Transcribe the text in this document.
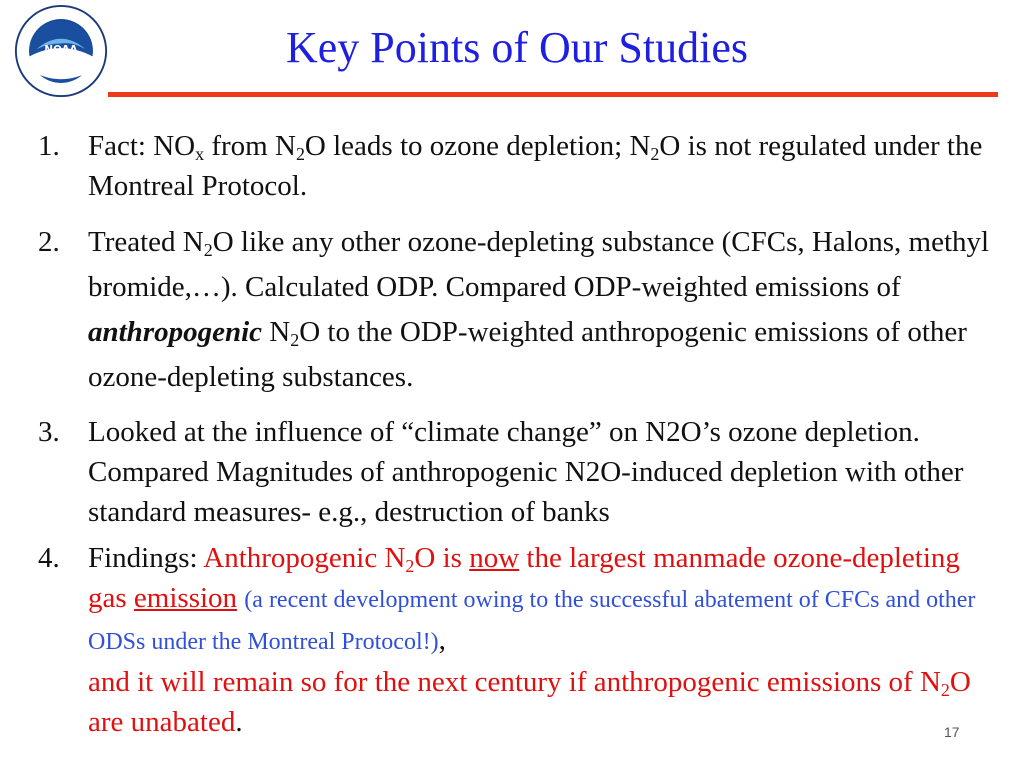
NOAA	Key Points of Our Studies
1. Fact: $NO_x$ from $N_2O$ leads to ozone depletion; $N_2O$ is not regulated under the Montreal Protocol.
2. Treated $N_2O$ like any other ozone-depleting substance (CFCs, Halons, methyl bromide,…). Calculated ODP. Compared ODP-weighted emissions of anthropogenic $N_2O$ to the ODP-weighted anthropogenic emissions of other ozone-depleting substances.
3. Looked at the influence of “climate change” on N2O’s ozone depletion. Compared Magnitudes of anthropogenic N2O-induced depletion with other standard measures- e.g., destruction of banks
4. Findings: Anthropogenic $N_2O$ is now the largest manmade ozone-depleting gas emission (a recent development owing to the successful abatement of CFCs and other ODSs under the Montreal Protocol!),
and it will remain so for the next century if anthropogenic emissions of $N_2O$ are unabated.	17
